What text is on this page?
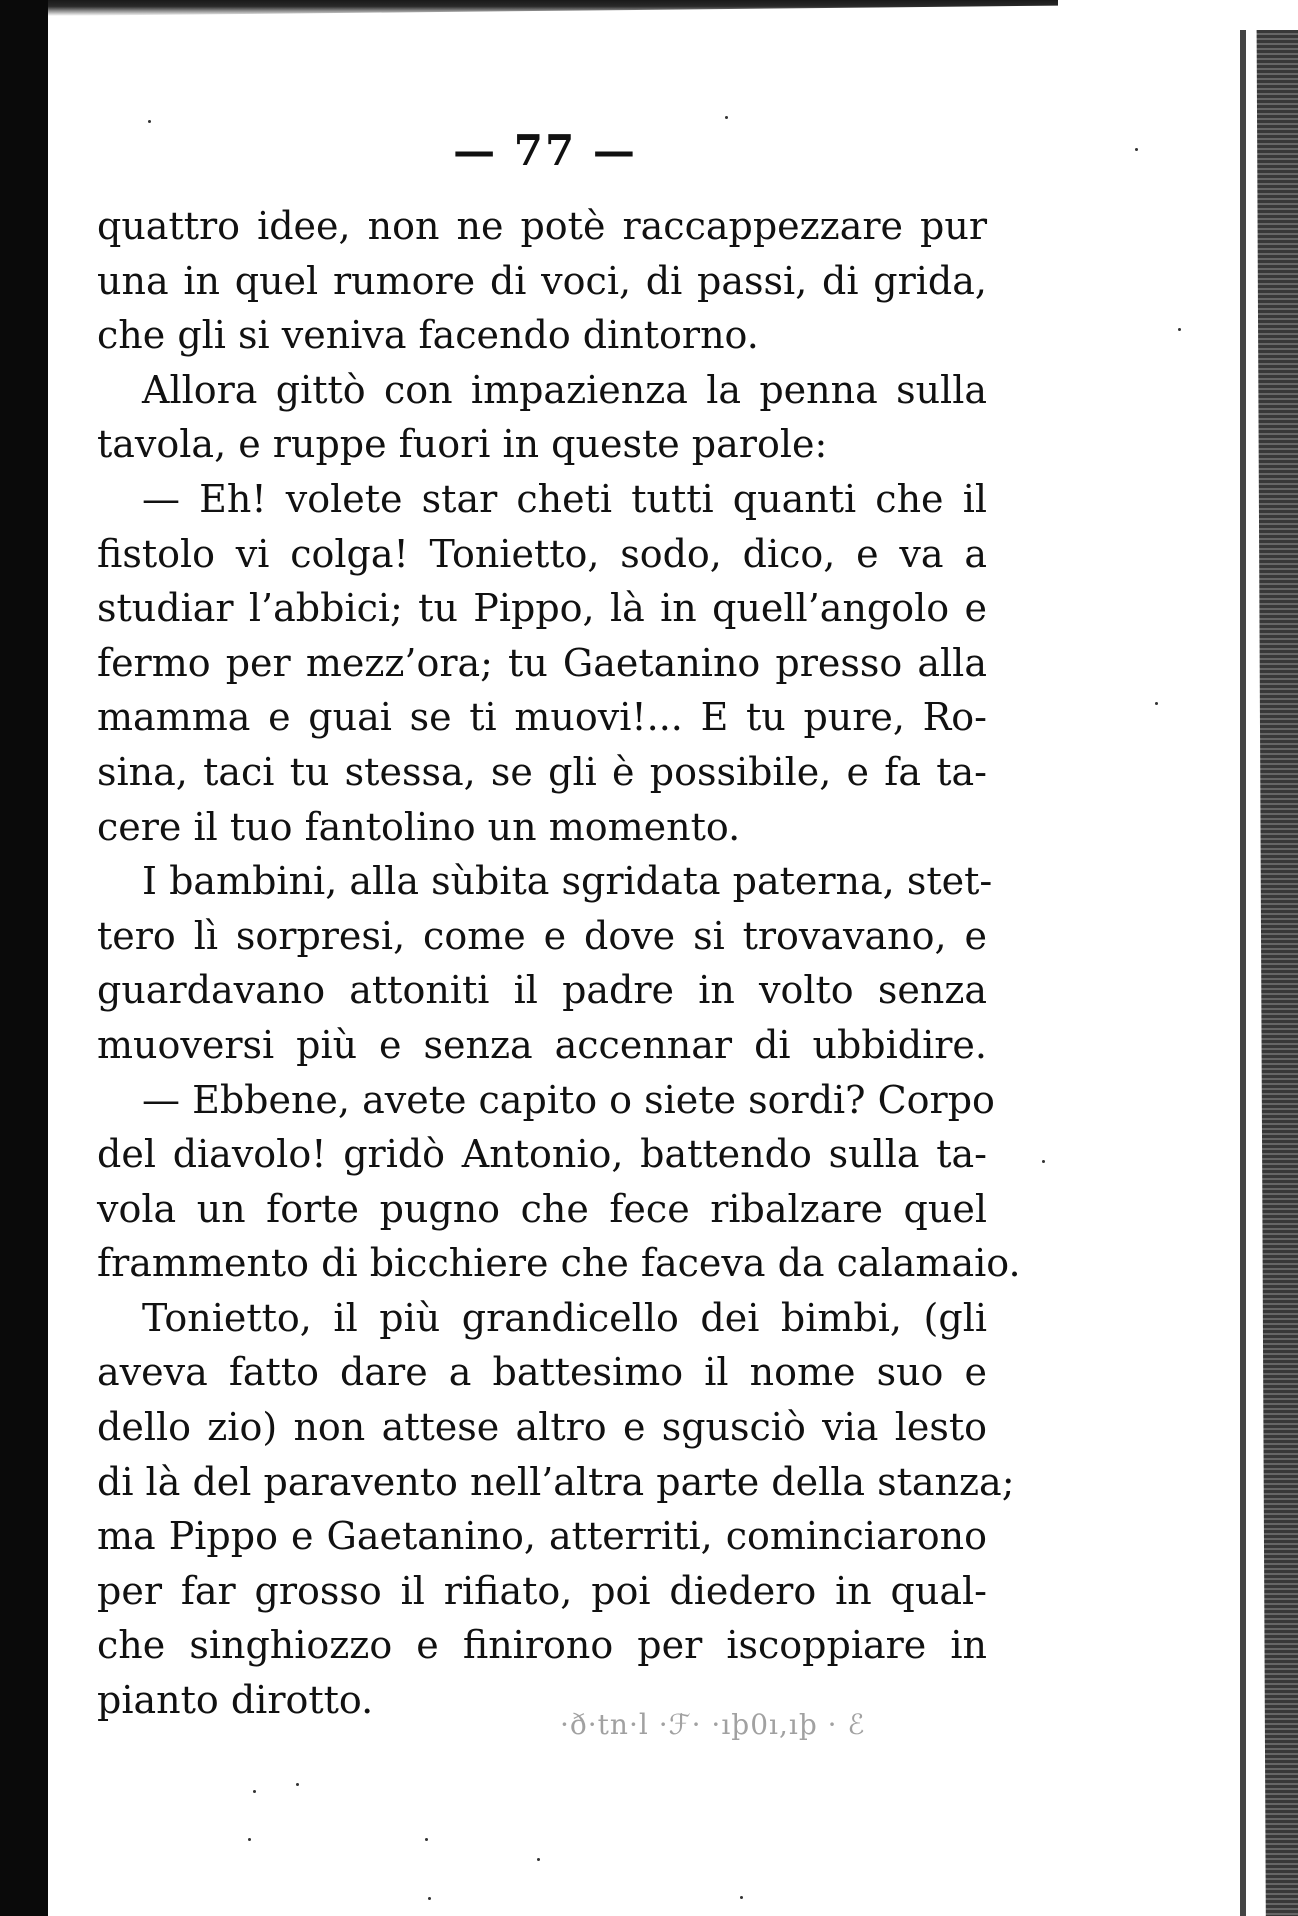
— 77 —
quattro idee, non ne potè raccappezzare pur
una in quel rumore di voci, di passi, di grida,
che gli si veniva facendo dintorno.
Allora gittò con impazienza la penna sulla
tavola, e ruppe fuori in queste parole:
— Eh! volete star cheti tutti quanti che il
fistolo vi colga! Tonietto, sodo, dico, e va a
studiar l’abbici; tu Pippo, là in quell’angolo e
fermo per mezz’ora; tu Gaetanino presso alla
mamma e guai se ti muovi!... E tu pure, Ro-
sina, taci tu stessa, se gli è possibile, e fa ta-
cere il tuo fantolino un momento.
I bambini, alla sùbita sgridata paterna, stet-
tero lì sorpresi, come e dove si trovavano, e
guardavano attoniti il padre in volto senza
muoversi più e senza accennar di ubbidire.
— Ebbene, avete capito o siete sordi? Corpo
del diavolo! gridò Antonio, battendo sulla ta-
vola un forte pugno che fece ribalzare quel
frammento di bicchiere che faceva da calamaio.
Tonietto, il più grandicello dei bimbi, (gli
aveva fatto dare a battesimo il nome suo e
dello zio) non attese altro e sgusciò via lesto
di là del paravento nell’altra parte della stanza;
ma Pippo e Gaetanino, atterriti, cominciarono
per far grosso il rifiato, poi diedero in qual-
che singhiozzo e finirono per iscoppiare in
pianto dirotto.
·ð·tn·l ·ℱ· ·ıþ0ı,ıþ · ℰ
